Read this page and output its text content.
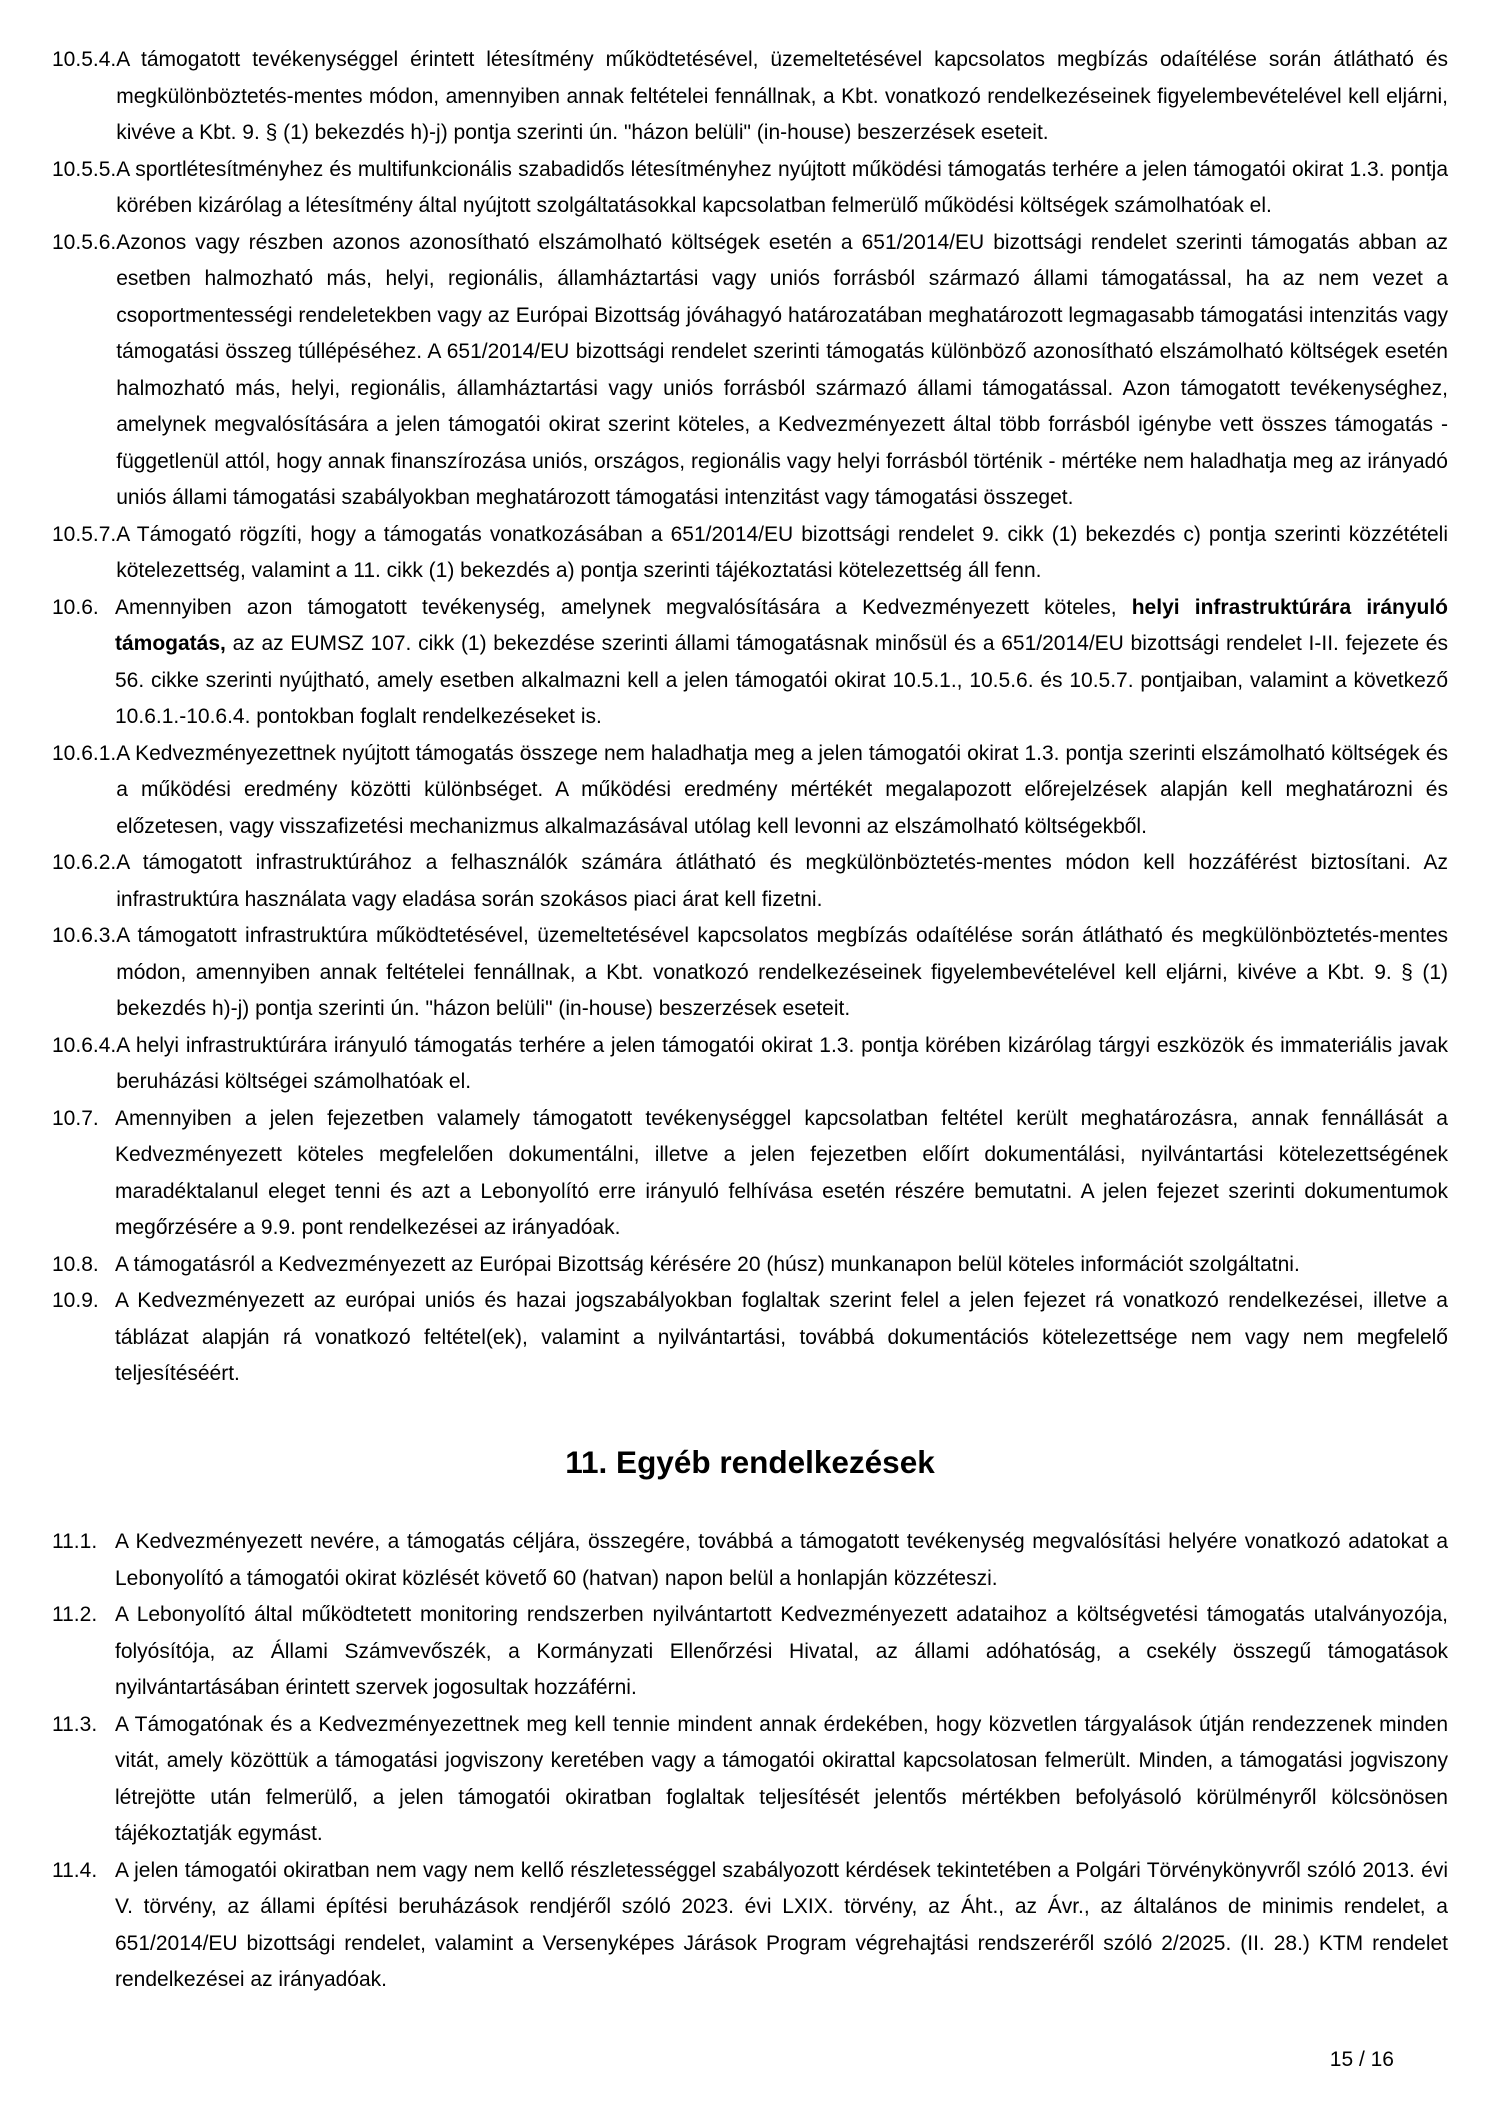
10.5.4. A támogatott tevékenységgel érintett létesítmény működtetésével, üzemeltetésével kapcsolatos megbízás odaítélése során átlátható és megkülönböztetés-mentes módon, amennyiben annak feltételei fennállnak, a Kbt. vonatkozó rendelkezéseinek figyelembevételével kell eljárni, kivéve a Kbt. 9. § (1) bekezdés h)-j) pontja szerinti ún. "házon belüli" (in-house) beszerzések eseteit.

10.5.5. A sportlétesítményhez és multifunkcionális szabadidős létesítményhez nyújtott működési támogatás terhére a jelen támogatói okirat 1.3. pontja körében kizárólag a létesítmény által nyújtott szolgáltatásokkal kapcsolatban felmerülő működési költségek számolhatóak el.

10.5.6. Azonos vagy részben azonos azonosítható elszámolható költségek esetén a 651/2014/EU bizottsági rendelet szerinti támogatás abban az esetben halmozható más, helyi, regionális, államháztartási vagy uniós forrásból származó állami támogatással, ha az nem vezet a csoportmentességi rendeletekben vagy az Európai Bizottság jóváhagyó határozatában meghatározott legmagasabb támogatási intenzitás vagy támogatási összeg túllépéséhez. A 651/2014/EU bizottsági rendelet szerinti támogatás különböző azonosítható elszámolható költségek esetén halmozható más, helyi, regionális, államháztartási vagy uniós forrásból származó állami támogatással. Azon támogatott tevékenységhez, amelynek megvalósítására a jelen támogatói okirat szerint köteles, a Kedvezményezett által több forrásból igénybe vett összes támogatás - függetlenül attól, hogy annak finanszírozása uniós, országos, regionális vagy helyi forrásból történik - mértéke nem haladhatja meg az irányadó uniós állami támogatási szabályokban meghatározott támogatási intenzitást vagy támogatási összeget.

10.5.7. A Támogató rögzíti, hogy a támogatás vonatkozásában a 651/2014/EU bizottsági rendelet 9. cikk (1) bekezdés c) pontja szerinti közzétételi kötelezettség, valamint a 11. cikk (1) bekezdés a) pontja szerinti tájékoztatási kötelezettség áll fenn.

10.6. Amennyiben azon támogatott tevékenység, amelynek megvalósítására a Kedvezményezett köteles, helyi infrastruktúrára irányuló támogatás, az az EUMSZ 107. cikk (1) bekezdése szerinti állami támogatásnak minősül és a 651/2014/EU bizottsági rendelet I-II. fejezete és 56. cikke szerinti nyújtható, amely esetben alkalmazni kell a jelen támogatói okirat 10.5.1., 10.5.6. és 10.5.7. pontjaiban, valamint a következő 10.6.1.-10.6.4. pontokban foglalt rendelkezéseket is.

10.6.1. A Kedvezményezettnek nyújtott támogatás összege nem haladhatja meg a jelen támogatói okirat 1.3. pontja szerinti elszámolható költségek és a működési eredmény közötti különbséget. A működési eredmény mértékét megalapozott előrejelzések alapján kell meghatározni és előzetesen, vagy visszafizetési mechanizmus alkalmazásával utólag kell levonni az elszámolható költségekből.

10.6.2. A támogatott infrastruktúrához a felhasználók számára átlátható és megkülönböztetés-mentes módon kell hozzáférést biztosítani. Az infrastruktúra használata vagy eladása során szokásos piaci árat kell fizetni.

10.6.3. A támogatott infrastruktúra működtetésével, üzemeltetésével kapcsolatos megbízás odaítélése során átlátható és megkülönböztetés-mentes módon, amennyiben annak feltételei fennállnak, a Kbt. vonatkozó rendelkezéseinek figyelembevételével kell eljárni, kivéve a Kbt. 9. § (1) bekezdés h)-j) pontja szerinti ún. "házon belüli" (in-house) beszerzések eseteit.

10.6.4. A helyi infrastruktúrára irányuló támogatás terhére a jelen támogatói okirat 1.3. pontja körében kizárólag tárgyi eszközök és immateriális javak beruházási költségei számolhatóak el.

10.7. Amennyiben a jelen fejezetben valamely támogatott tevékenységgel kapcsolatban feltétel került meghatározásra, annak fennállását a Kedvezményezett köteles megfelelően dokumentálni, illetve a jelen fejezetben előírt dokumentálási, nyilvántartási kötelezettségének maradéktalanul eleget tenni és azt a Lebonyolító erre irányuló felhívása esetén részére bemutatni. A jelen fejezet szerinti dokumentumok megőrzésére a 9.9. pont rendelkezései az irányadóak.

10.8. A támogatásról a Kedvezményezett az Európai Bizottság kérésére 20 (húsz) munkanapon belül köteles információt szolgáltatni.

10.9. A Kedvezményezett az európai uniós és hazai jogszabályokban foglaltak szerint felel a jelen fejezet rá vonatkozó rendelkezései, illetve a táblázat alapján rá vonatkozó feltétel(ek), valamint a nyilvántartási, továbbá dokumentációs kötelezettsége nem vagy nem megfelelő teljesítéséért.

11. Egyéb rendelkezések
11.1. A Kedvezményezett nevére, a támogatás céljára, összegére, továbbá a támogatott tevékenység megvalósítási helyére vonatkozó adatokat a Lebonyolító a támogatói okirat közlését követő 60 (hatvan) napon belül a honlapján közzéteszi.

11.2. A Lebonyolító által működtetett monitoring rendszerben nyilvántartott Kedvezményezett adataihoz a költségvetési támogatás utalványozója, folyósítója, az Állami Számvevőszék, a Kormányzati Ellenőrzési Hivatal, az állami adóhatóság, a csekély összegű támogatások nyilvántartásában érintett szervek jogosultak hozzáférni.

11.3. A Támogatónak és a Kedvezményezettnek meg kell tennie mindent annak érdekében, hogy közvetlen tárgyalások útján rendezzenek minden vitát, amely közöttük a támogatási jogviszony keretében vagy a támogatói okirattal kapcsolatosan felmerült. Minden, a támogatási jogviszony létrejötte után felmerülő, a jelen támogatói okiratban foglaltak teljesítését jelentős mértékben befolyásoló körülményről kölcsönösen tájékoztatják egymást.

11.4. A jelen támogatói okiratban nem vagy nem kellő részletességgel szabályozott kérdések tekintetében a Polgári Törvénykönyvről szóló 2013. évi V. törvény, az állami építési beruházások rendjéről szóló 2023. évi LXIX. törvény, az Áht., az Ávr., az általános de minimis rendelet, a 651/2014/EU bizottsági rendelet, valamint a Versenyképes Járások Program végrehajtási rendszeréről szóló 2/2025. (II. 28.) KTM rendelet rendelkezései az irányadóak.

15 / 16
